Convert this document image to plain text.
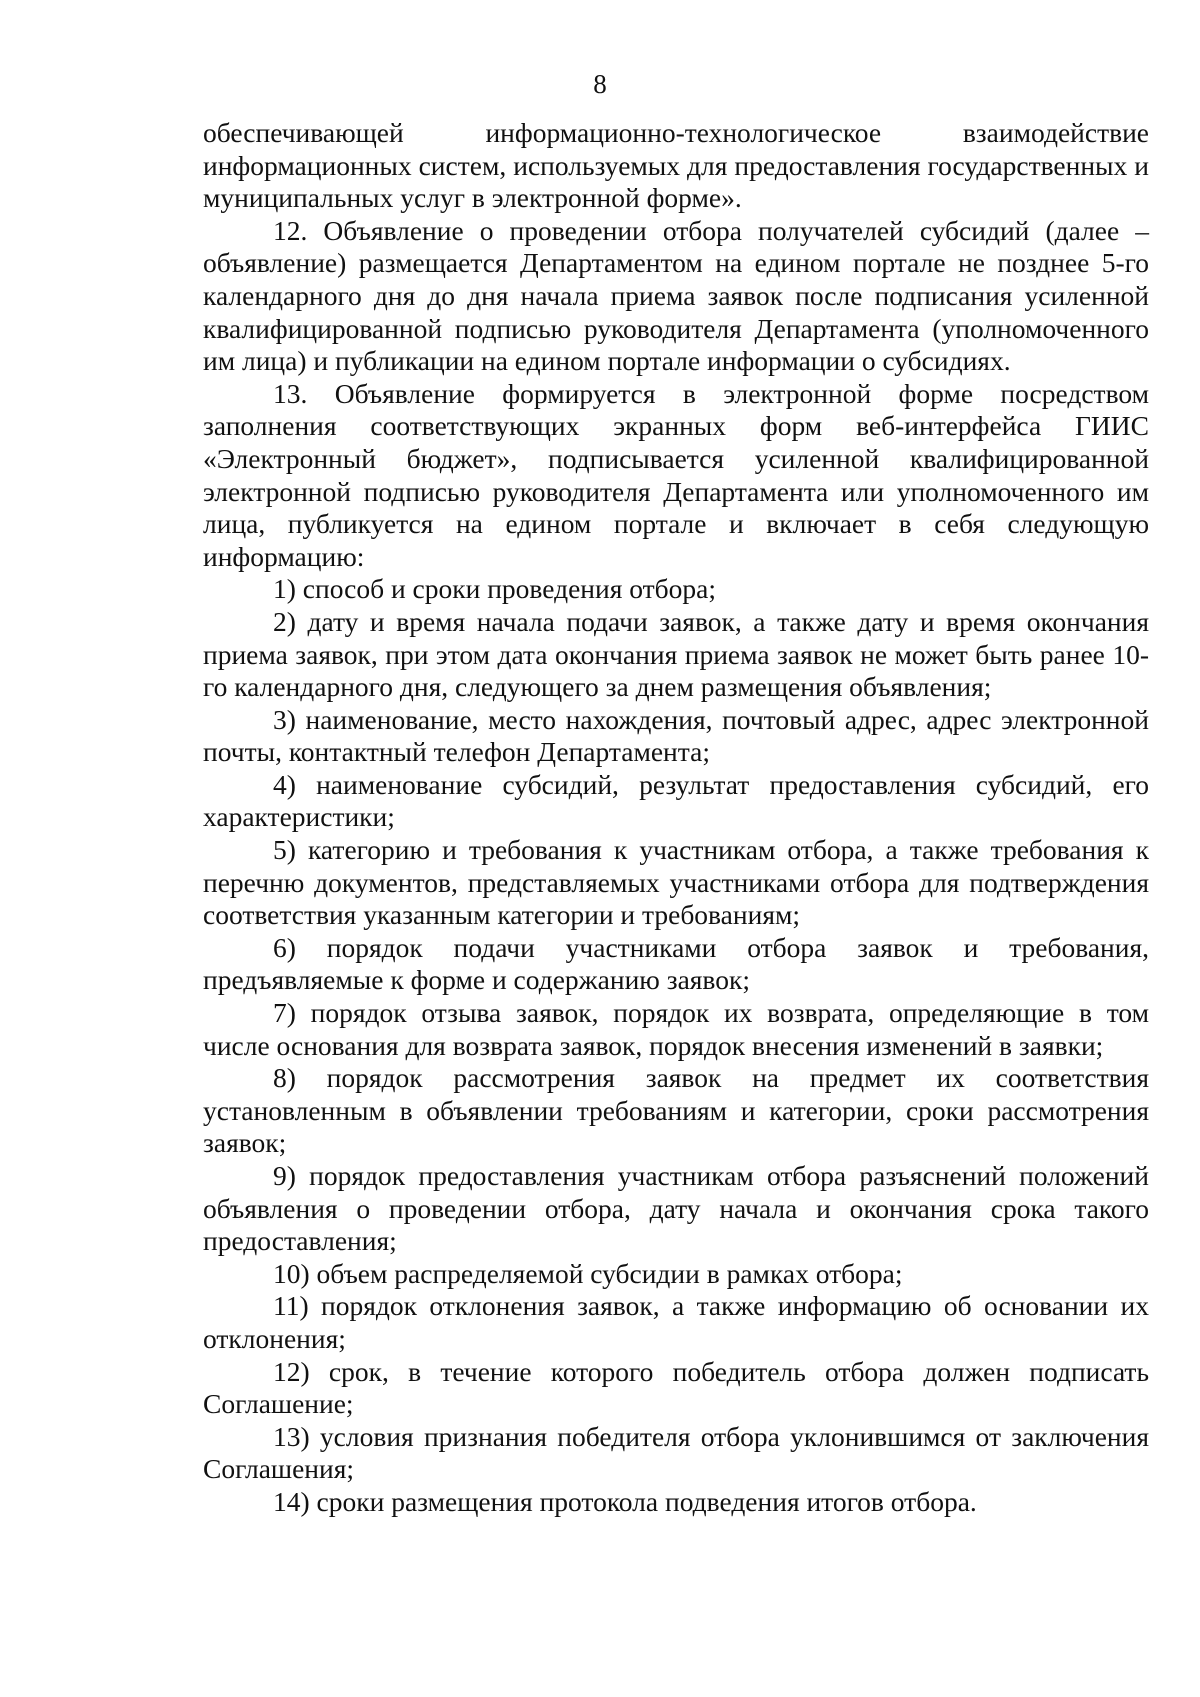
8

обеспечивающей информационно-технологическое взаимодействие информационных систем, используемых для предоставления государственных и муниципальных услуг в электронной форме».

12. Объявление о проведении отбора получателей субсидий (далее – объявление) размещается Департаментом на едином портале не позднее 5-го календарного дня до дня начала приема заявок после подписания усиленной квалифицированной подписью руководителя Департамента (уполномоченного им лица) и публикации на едином портале информации о субсидиях.

13. Объявление формируется в электронной форме посредством заполнения соответствующих экранных форм веб-интерфейса ГИИС «Электронный бюджет», подписывается усиленной квалифицированной электронной подписью руководителя Департамента или уполномоченного им лица, публикуется на едином портале и включает в себя следующую информацию:

1) способ и сроки проведения отбора;

2) дату и время начала подачи заявок, а также дату и время окончания приема заявок, при этом дата окончания приема заявок не может быть ранее 10-го календарного дня, следующего за днем размещения объявления;

3) наименование, место нахождения, почтовый адрес, адрес электронной почты, контактный телефон Департамента;

4) наименование субсидий, результат предоставления субсидий, его характеристики;

5) категорию и требования к участникам отбора, а также требования к перечню документов, представляемых участниками отбора для подтверждения соответствия указанным категории и требованиям;

6) порядок подачи участниками отбора заявок и требования, предъявляемые к форме и содержанию заявок;

7) порядок отзыва заявок, порядок их возврата, определяющие в том числе основания для возврата заявок, порядок внесения изменений в заявки;

8) порядок рассмотрения заявок на предмет их соответствия установленным в объявлении требованиям и категории, сроки рассмотрения заявок;

9) порядок предоставления участникам отбора разъяснений положений объявления о проведении отбора, дату начала и окончания срока такого предоставления;

10) объем распределяемой субсидии в рамках отбора;

11) порядок отклонения заявок, а также информацию об основании их отклонения;

12) срок, в течение которого победитель отбора должен подписать Соглашение;

13) условия признания победителя отбора уклонившимся от заключения Соглашения;

14) сроки размещения протокола подведения итогов отбора.
